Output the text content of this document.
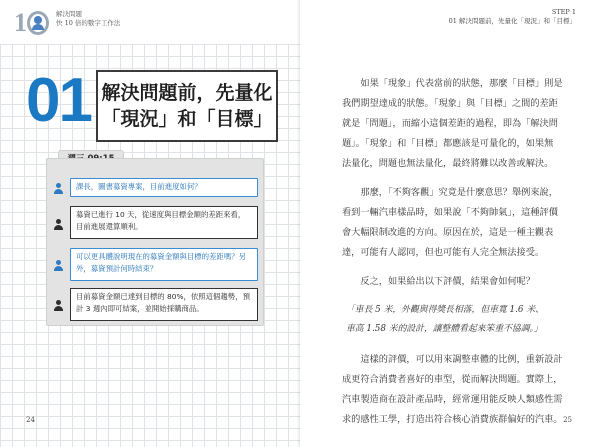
1	解決問題
快 10 倍的數字工作法
01 解決問題前，先量化
「現況」和「目標」
課長，圖書募資專案，目前進度如何？
募資已進行 10 天，從速度與目標金額的差距來看，目前進展還算順利。
可以更具體說明現在的募資金額與目標的差距嗎？另外，募資預計何時結束？
目前募資金額已達到目標的 80%，依照這個趨勢，預計 3 週內即可結案，並開始採購商品。
24
STEP 1
01 解決問題前，先量化「現況」和「目標」
如果「現象」代表當前的狀態，那麼「目標」則是
我們期望達成的狀態。「現象」與「目標」之間的差距
就是「問題」，而縮小這個差距的過程，即為「解決問
題」。「現象」和「目標」都應該是可量化的，如果無
法量化，問題也無法量化，最終將難以改善或解決。
那麼，「不夠客觀」究竟是什麼意思？舉例來說，
看到一輛汽車樣品時，如果說「不夠帥氣」，這種評價
會大幅限制改進的方向。原因在於，這是一種主觀表
達，可能有人認同，但也可能有人完全無法接受。
反之，如果給出以下評價，結果會如何呢？
「車長 5 米，外觀與得獎長相落，但車寬 1.6 米、
車高 1.58 米的設計，讓整體看起來笨重不協調。」
這樣的評價，可以用來調整車體的比例，重新設計
成更符合消費者喜好的車型，從而解決問題。實際上，
汽車製造商在設計產品時，經常運用能反映人類感性需
求的感性工學，打造出符合核心消費族群偏好的汽車。 25
